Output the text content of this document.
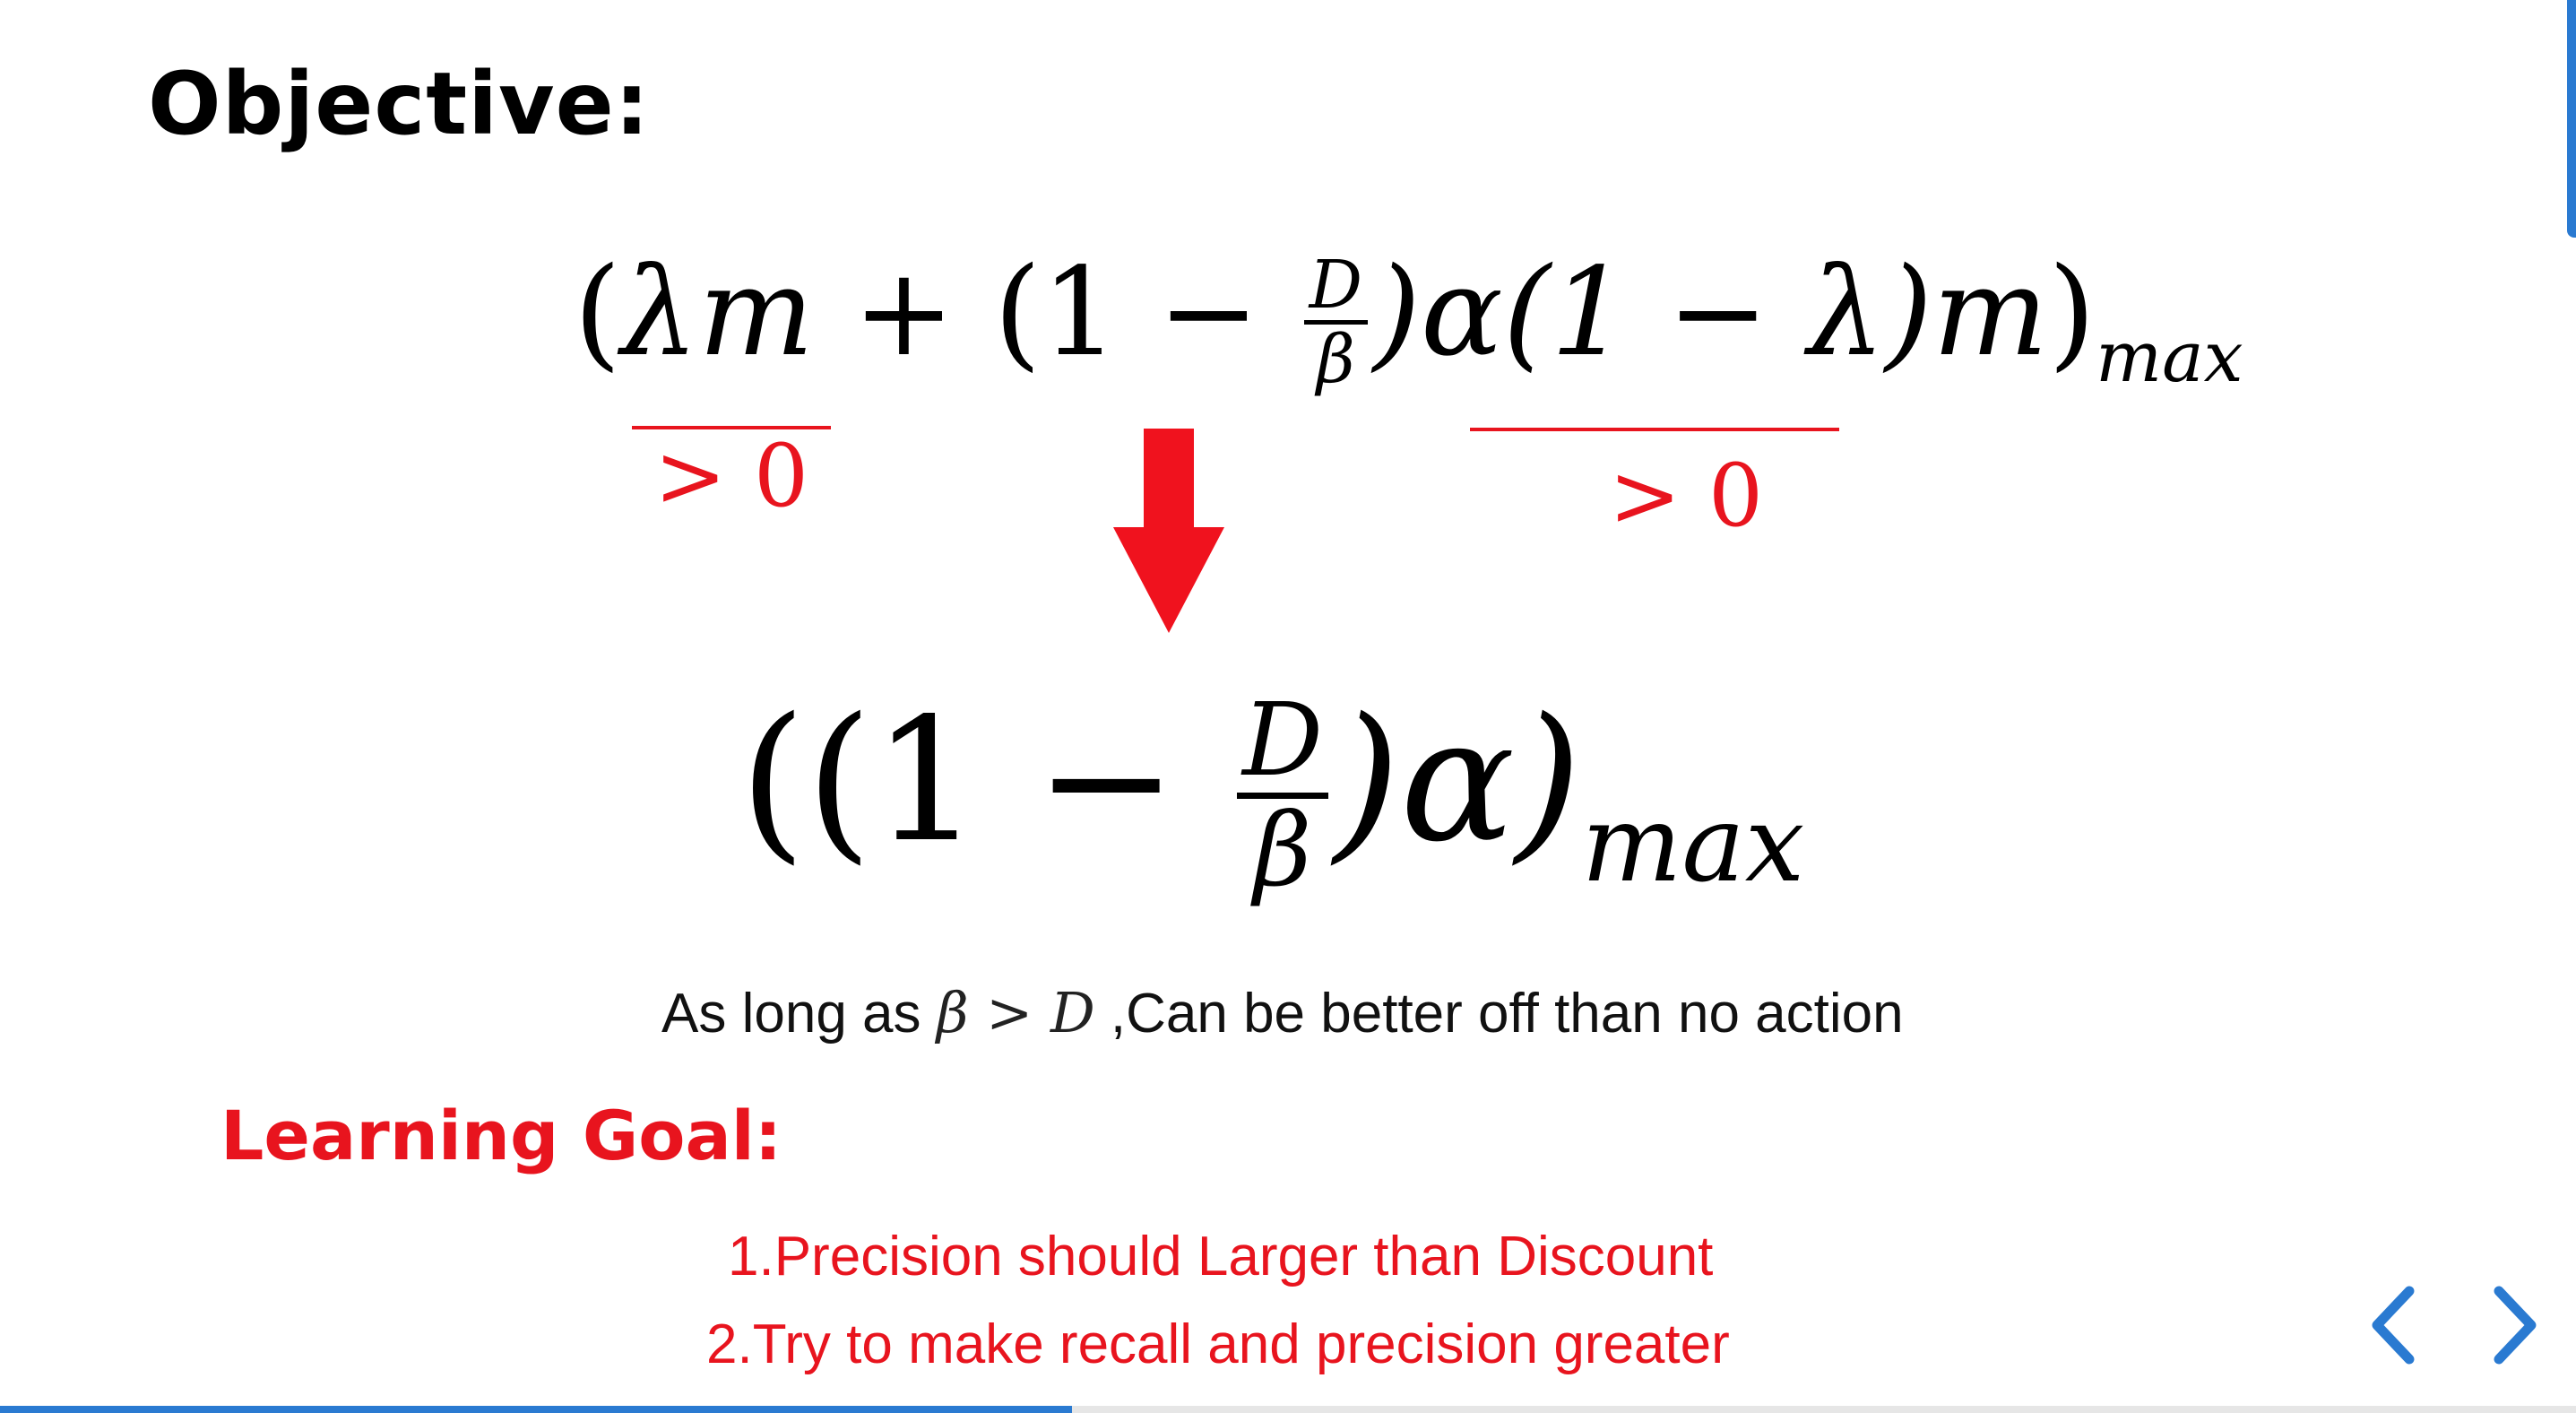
Objective:
$(\lambda m + (1 - \frac{D}{\beta} )\alpha(1 - \lambda)m)_{max}$
> 0	> 0
$((1 - \frac{D}{\beta} )\alpha)_{max}$
As long as β > D ,Can be better off than no action
Learning Goal:
1.Precision should Larger than Discount
2.Try to make recall and precision greater
